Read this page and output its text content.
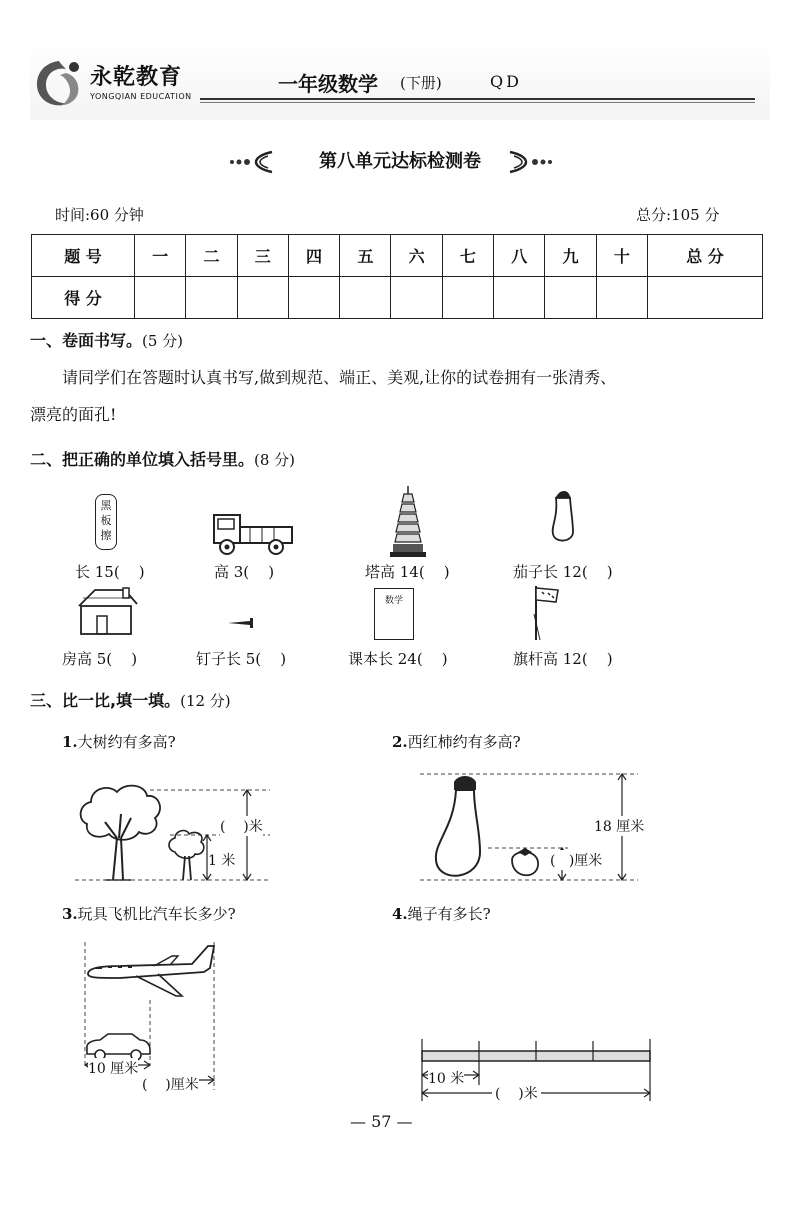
永乾教育
YONGQIAN EDUCATION
一年级数学 (下册)	QD
第八单元达标检测卷
时间:60 分钟	总分:105 分
题 号	一	二	三	四	五	六	七	八	九	十	总 分
得 分											
一、卷面书写。(5 分)
请同学们在答题时认真书写,做到规范、端正、美观,让你的试卷拥有一张清秀、
漂亮的面孔!
二、把正确的单位填入括号里。(8 分)
黑
板
擦
长 15(    )	高 3(    )	塔高 14(    )	茄子长 12(    )
数学
房高 5(    )	钉子长 5(    )	课本长 24(    )	旗杆高 12(    )
三、比一比,填一填。(12 分)
1.大树约有多高?	2.西红柿约有多高?
(    )米
1 米
18 厘米
(   )厘米
3.玩具飞机比汽车长多少?	4.绳子有多长?
10 厘米
(    )厘米	10 米
(    )米
— 57 —
